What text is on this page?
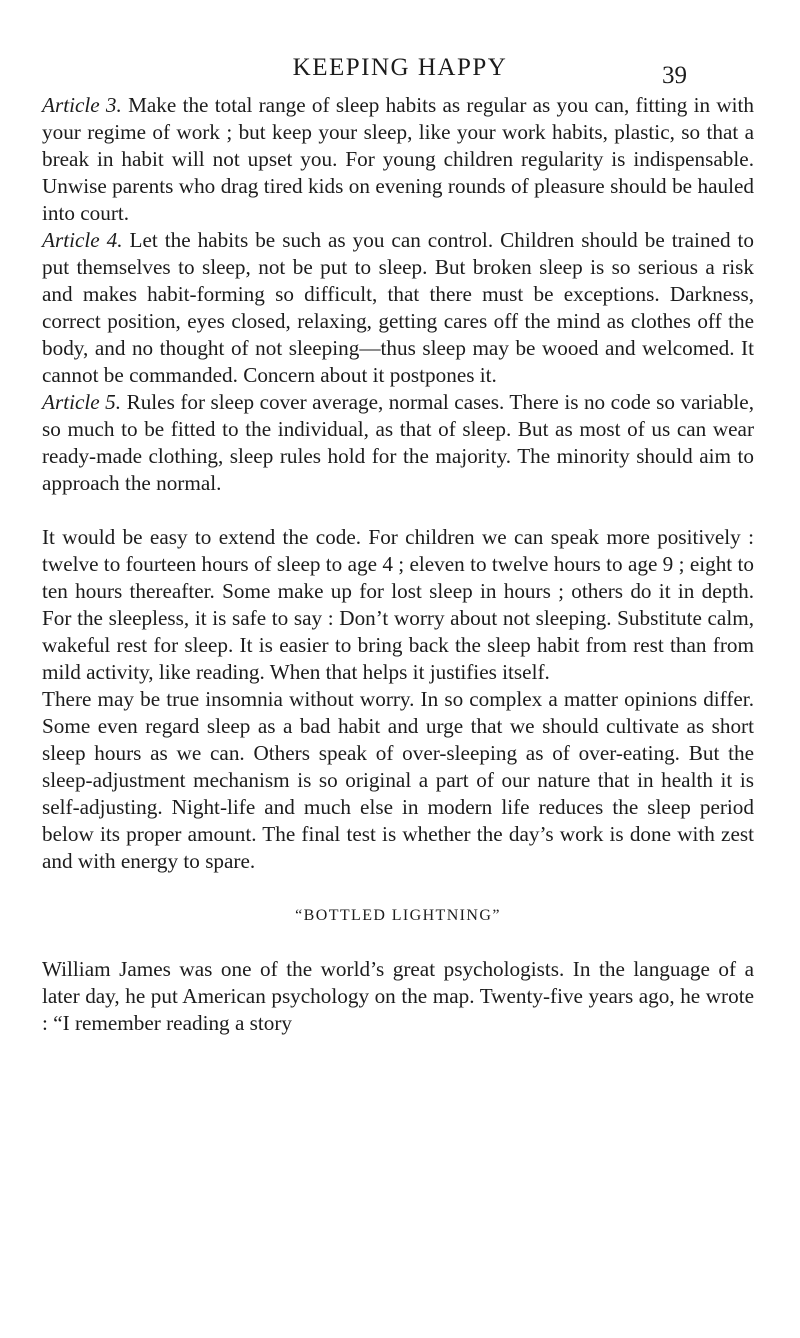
KEEPING HAPPY	39

Article 3. Make the total range of sleep habits as regular as you can, fitting in with your regime of work ; but keep your sleep, like your work habits, plastic, so that a break in habit will not upset you. For young children regularity is indispensable. Unwise parents who drag tired kids on evening rounds of pleasure should be hauled into court.

Article 4. Let the habits be such as you can control. Children should be trained to put themselves to sleep, not be put to sleep. But broken sleep is so serious a risk and makes habit-forming so difficult, that there must be exceptions. Darkness, correct position, eyes closed, relaxing, getting cares off the mind as clothes off the body, and no thought of not sleeping—thus sleep may be wooed and welcomed. It cannot be commanded. Concern about it postpones it.

Article 5. Rules for sleep cover average, normal cases. There is no code so variable, so much to be fitted to the individual, as that of sleep. But as most of us can wear ready-made clothing, sleep rules hold for the majority. The minority should aim to approach the normal.

It would be easy to extend the code. For children we can speak more positively : twelve to fourteen hours of sleep to age 4 ; eleven to twelve hours to age 9 ; eight to ten hours thereafter. Some make up for lost sleep in hours ; others do it in depth. For the sleepless, it is safe to say : Don’t worry about not sleeping. Substitute calm, wakeful rest for sleep. It is easier to bring back the sleep habit from rest than from mild activity, like reading. When that helps it justifies itself.

There may be true insomnia without worry. In so complex a matter opinions differ. Some even regard sleep as a bad habit and urge that we should cultivate as short sleep hours as we can. Others speak of over-sleeping as of over-eating. But the sleep-adjustment mechanism is so original a part of our nature that in health it is self-adjusting. Night-life and much else in modern life reduces the sleep period below its proper amount. The final test is whether the day’s work is done with zest and with energy to spare.

“BOTTLED LIGHTNING”

William James was one of the world’s great psychologists. In the language of a later day, he put American psychology on the map. Twenty-five years ago, he wrote : “I remember reading a story
